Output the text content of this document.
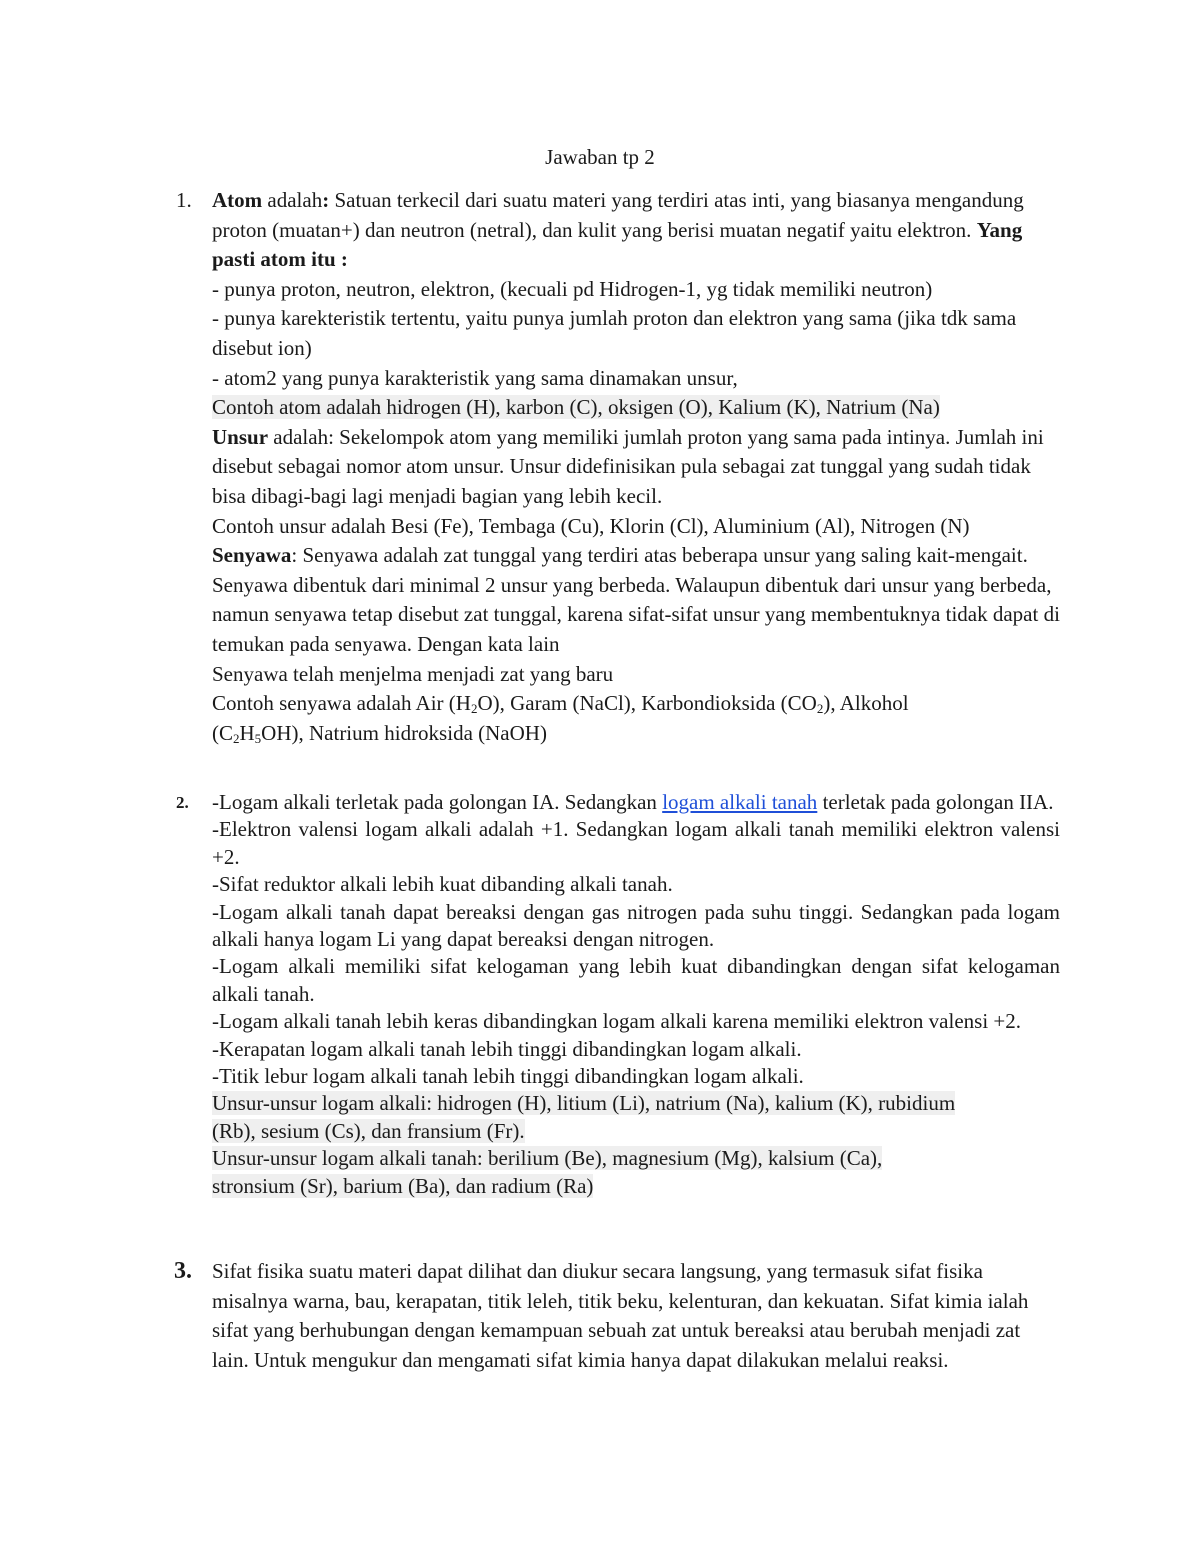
Jawaban tp 2
1. Atom adalah: Satuan terkecil dari suatu materi yang terdiri atas inti, yang biasanya mengandung proton (muatan+) dan neutron (netral), dan kulit yang berisi muatan negatif yaitu elektron. Yang pasti atom itu :
- punya proton, neutron, elektron, (kecuali pd Hidrogen-1, yg tidak memiliki neutron)
- punya karekteristik tertentu, yaitu punya jumlah proton dan elektron yang sama (jika tdk sama disebut ion)
- atom2 yang punya karakteristik yang sama dinamakan unsur,
Contoh atom adalah hidrogen (H), karbon (C), oksigen (O), Kalium (K), Natrium (Na)
Unsur adalah: Sekelompok atom yang memiliki jumlah proton yang sama pada intinya. Jumlah ini disebut sebagai nomor atom unsur. Unsur didefinisikan pula sebagai zat tunggal yang sudah tidak bisa dibagi-bagi lagi menjadi bagian yang lebih kecil.
Contoh unsur adalah Besi (Fe), Tembaga (Cu), Klorin (Cl), Aluminium (Al), Nitrogen (N)
Senyawa: Senyawa adalah zat tunggal yang terdiri atas beberapa unsur yang saling kait-mengait. Senyawa dibentuk dari minimal 2 unsur yang berbeda. Walaupun dibentuk dari unsur yang berbeda, namun senyawa tetap disebut zat tunggal, karena sifat-sifat unsur yang membentuknya tidak dapat di temukan pada senyawa. Dengan kata lain
Senyawa telah menjelma menjadi zat yang baru
Contoh senyawa adalah Air $(H_2O)$, Garam (NaCl), Karbondioksida $(CO_2)$, Alkohol
$(C_2H_5OH)$, Natrium hidroksida (NaOH)
2. -Logam alkali terletak pada golongan IA. Sedangkan logam alkali tanah terletak pada golongan IIA.
-Elektron valensi logam alkali adalah +1. Sedangkan logam alkali tanah memiliki elektron valensi +2.
-Sifat reduktor alkali lebih kuat dibanding alkali tanah.
-Logam alkali tanah dapat bereaksi dengan gas nitrogen pada suhu tinggi. Sedangkan pada logam alkali hanya logam Li yang dapat bereaksi dengan nitrogen.
-Logam alkali memiliki sifat kelogaman yang lebih kuat dibandingkan dengan sifat kelogaman alkali tanah.
-Logam alkali tanah lebih keras dibandingkan logam alkali karena memiliki elektron valensi +2.
-Kerapatan logam alkali tanah lebih tinggi dibandingkan logam alkali.
-Titik lebur logam alkali tanah lebih tinggi dibandingkan logam alkali.
Unsur-unsur logam alkali: hidrogen (H), litium (Li), natrium (Na), kalium (K), rubidium
(Rb), sesium (Cs), dan fransium (Fr).
Unsur-unsur logam alkali tanah: berilium (Be), magnesium (Mg), kalsium (Ca),
stronsium (Sr), barium (Ba), dan radium (Ra)
3. Sifat fisika suatu materi dapat dilihat dan diukur secara langsung, yang termasuk sifat fisika misalnya warna, bau, kerapatan, titik leleh, titik beku, kelenturan, dan kekuatan. Sifat kimia ialah sifat yang berhubungan dengan kemampuan sebuah zat untuk bereaksi atau berubah menjadi zat lain. Untuk mengukur dan mengamati sifat kimia hanya dapat dilakukan melalui reaksi.
